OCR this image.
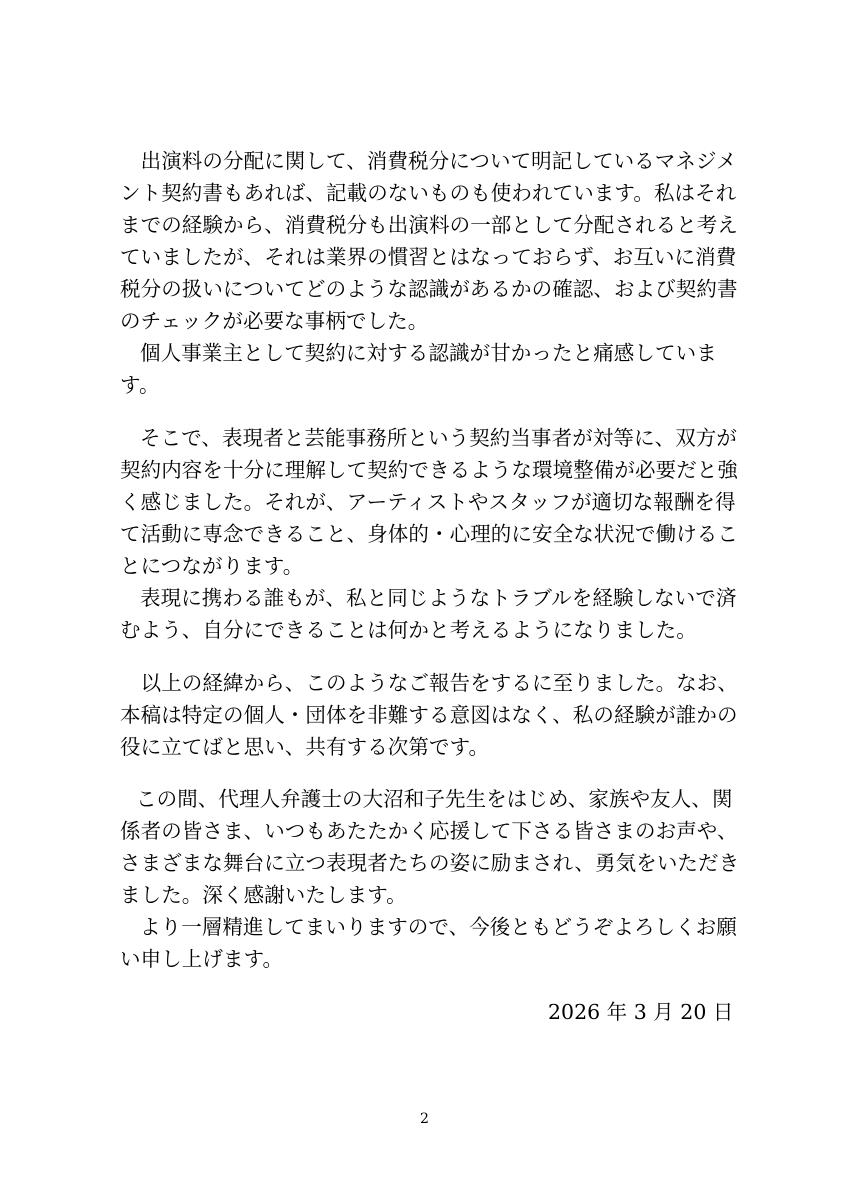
　出演料の分配に関して、消費税分について明記しているマネジメ
ント契約書もあれば、記載のないものも使われています。私はそれ
までの経験から、消費税分も出演料の一部として分配されると考え
ていましたが、それは業界の慣習とはなっておらず、お互いに消費
税分の扱いについてどのような認識があるかの確認、および契約書
のチェックが必要な事柄でした。
個人事業主として契約に対する認識が甘かったと痛感していま
す。
そこで、表現者と芸能事務所という契約当事者が対等に、双方が
契約内容を十分に理解して契約できるような環境整備が必要だと強
く感じました。それが、アーティストやスタッフが適切な報酬を得
て活動に専念できること、身体的・心理的に安全な状況で働けるこ
とにつながります。
表現に携わる誰もが、私と同じようなトラブルを経験しないで済
むよう、自分にできることは何かと考えるようになりました。
　以上の経緯から、このようなご報告をするに至りました。なお、
本稿は特定の個人・団体を非難する意図はなく、私の経験が誰かの
役に立てばと思い、共有する次第です。
この間、代理人弁護士の大沼和子先生をはじめ、家族や友人、関
係者の皆さま、いつもあたたかく応援して下さる皆さまのお声や、
さまざまな舞台に立つ表現者たちの姿に励まされ、勇気をいただき
ました。深く感謝いたします。
より一層精進してまいりますので、今後ともどうぞよろしくお願
い申し上げます。
2026 年 3 月 20 日
2
